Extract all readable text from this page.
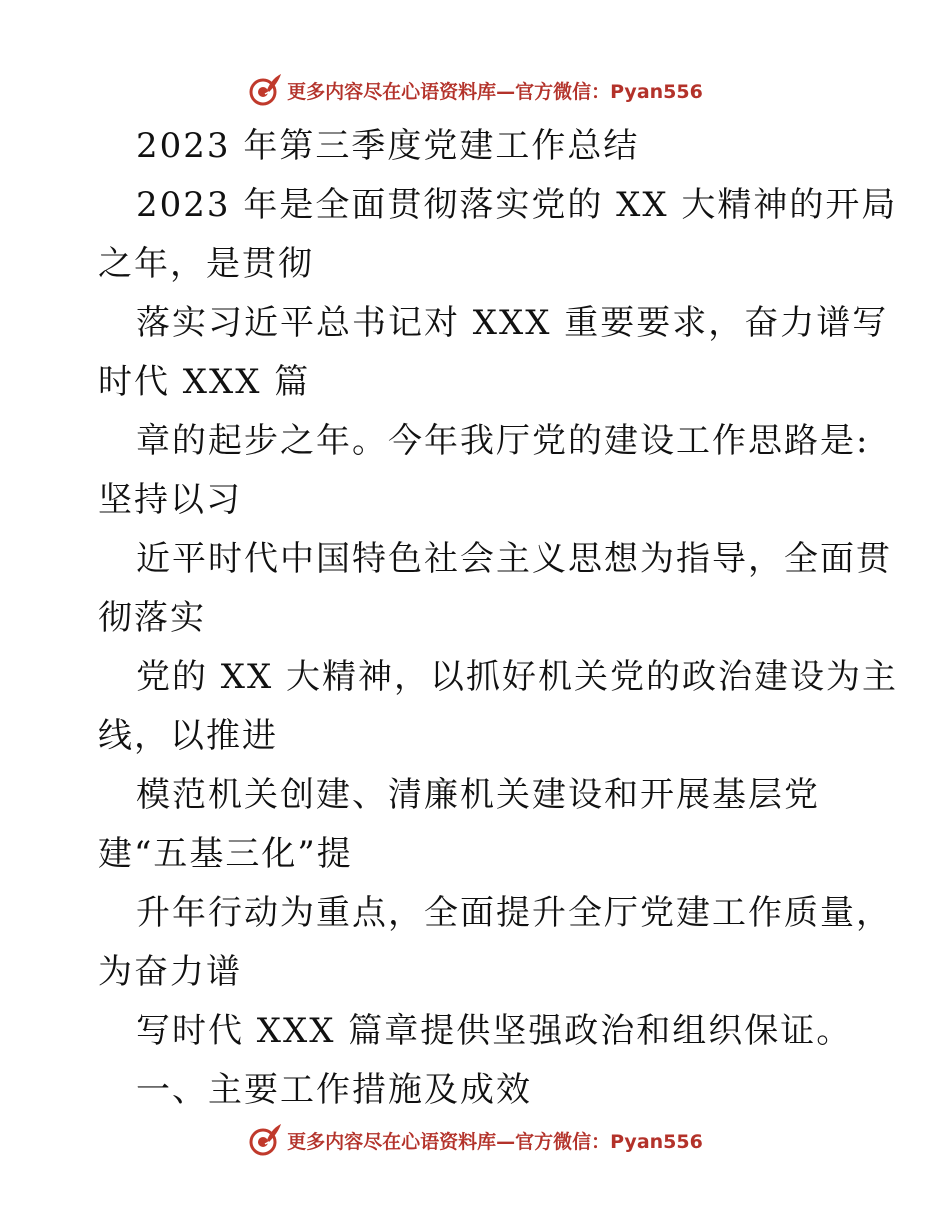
更多内容尽在心语资料库—官方微信：Pyan556
2023 年第三季度党建工作总结
2023 年是全面贯彻落实党的 XX 大精神的开局
之年，是贯彻
落实习近平总书记对 XXX 重要要求，奋力谱写
时代 XXX 篇
章的起步之年。今年我厅党的建设工作思路是:
坚持以习
近平时代中国特色社会主义思想为指导，全面贯
彻落实
党的 XX 大精神，以抓好机关党的政治建设为主
线，以推进
模范机关创建、清廉机关建设和开展基层党
建“五基三化”提
升年行动为重点，全面提升全厅党建工作质量，
为奋力谱
写时代 XXX 篇章提供坚强政治和组织保证。
一、主要工作措施及成效
更多内容尽在心语资料库—官方微信：Pyan556
